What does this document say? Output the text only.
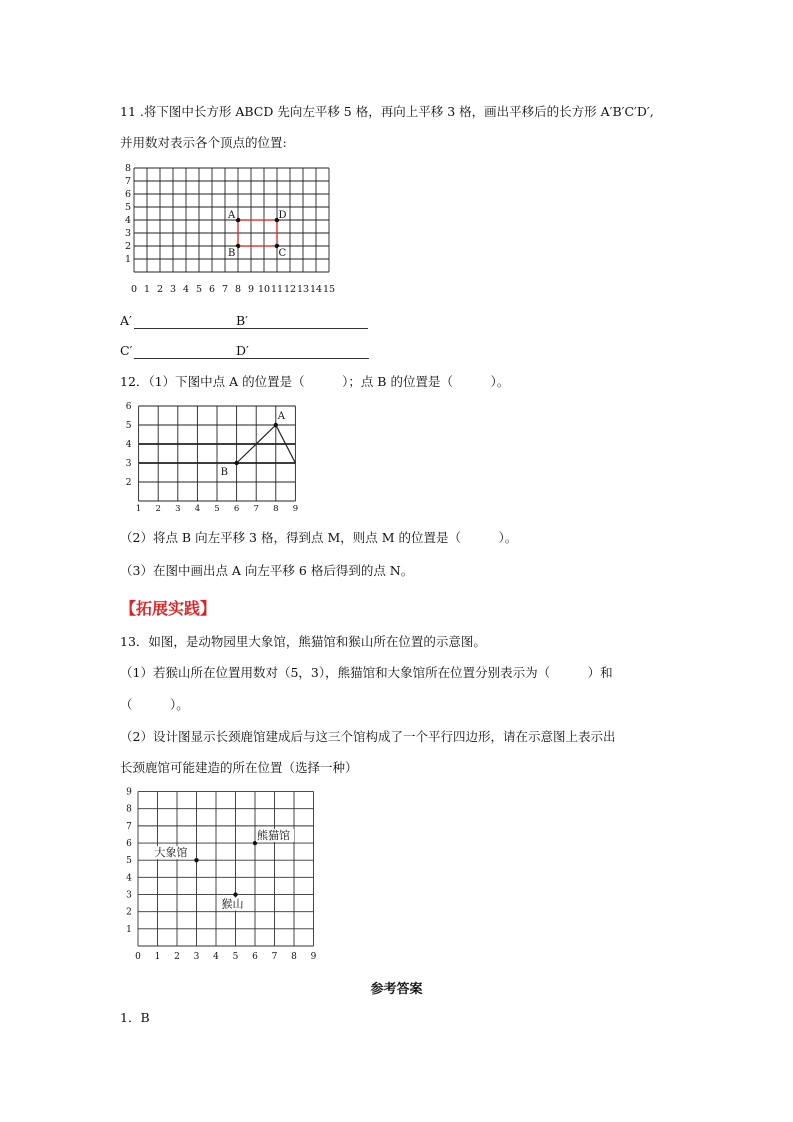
11 .将下图中长方形 ABCD 先向左平移 5 格，再向上平移 3 格，画出平移后的长方形 A′B′C′D′,
并用数对表示各个顶点的位置:
A
B	C
D
0 1 2 3 4 5 6 7 8 9 10 11 12 13 14 15
1
2
3
4
5
6
7
8
A′	B′
C′	D′
12．（1）下图中点 A 的位置是（　　　）；点 B 的位置是（　　　）。
A
B
1 2 3 4 5 6 7 8 9
2
3
4
5
6
（2）将点 B 向左平移 3 格，得到点 M，则点 M 的位置是（　　　）。
（3）在图中画出点 A 向左平移 6 格后得到的点 N。
【拓展实践】
13．如图，是动物园里大象馆，熊猫馆和猴山所在位置的示意图。
（1）若猴山所在位置用数对（5，3），熊猫馆和大象馆所在位置分别表示为（　　　）和
（　　　）。
（2）设计图显示长颈鹿馆建成后与这三个馆构成了一个平行四边形，请在示意图上表示出
长颈鹿馆可能建造的所在位置（选择一种）
大象馆
熊猫馆
猴山
0 1 2 3 4 5 6 7 8 9
1
2
3
4
5
6
7
8
9
参考答案
1．B
